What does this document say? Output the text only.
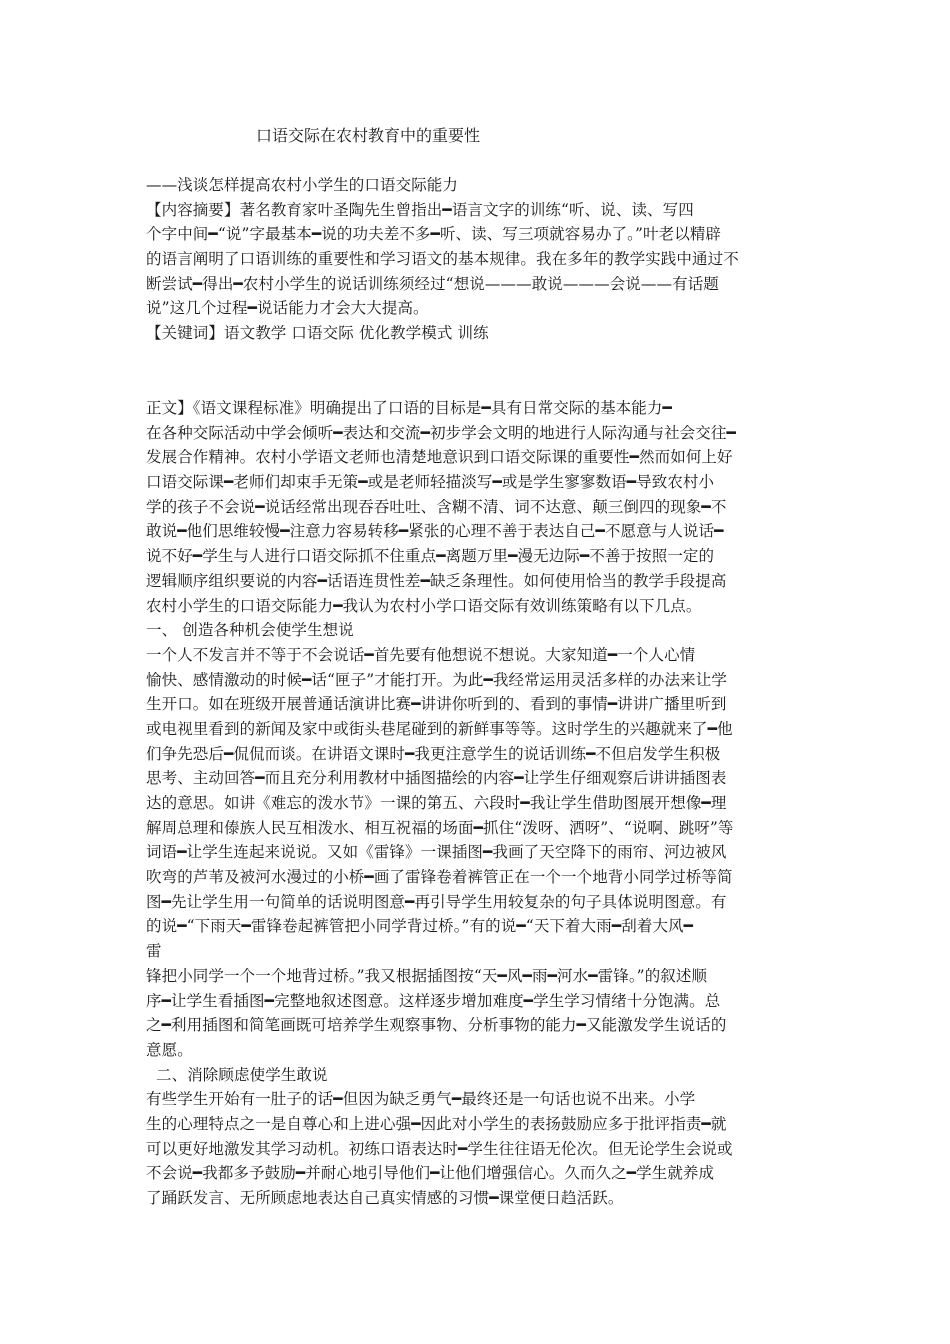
口语交际在农村教育中的重要性
——浅谈怎样提高农村小学生的口语交际能力
【内容摘要】著名教育家叶圣陶先生曾指出━语言文字的训练“听、说、读、写四
个字中间━“说”字最基本━说的功夫差不多━听、读、写三项就容易办了。”叶老以精辟
的语言阐明了口语训练的重要性和学习语文的基本规律。我在多年的教学实践中通过不
断尝试━得出━农村小学生的说话训练须经过“想说———敢说———会说——有话题
说”这几个过程━说话能力才会大大提高。
【关键词】语文教学 口语交际 优化教学模式 训练
正文】《语文课程标准》明确提出了口语的目标是━具有日常交际的基本能力━
在各种交际活动中学会倾听━表达和交流━初步学会文明的地进行人际沟通与社会交往━
发展合作精神。农村小学语文老师也清楚地意识到口语交际课的重要性━然而如何上好
口语交际课━老师们却束手无策━或是老师轻描淡写━或是学生寥寥数语━导致农村小
学的孩子不会说━说话经常出现吞吞吐吐、含糊不清、词不达意、颠三倒四的现象━不
敢说━他们思维较慢━注意力容易转移━紧张的心理不善于表达自己━不愿意与人说话━
说不好━学生与人进行口语交际抓不住重点━离题万里━漫无边际━不善于按照一定的
逻辑顺序组织要说的内容━话语连贯性差━缺乏条理性。如何使用恰当的教学手段提高
农村小学生的口语交际能力━我认为农村小学口语交际有效训练策略有以下几点。
一、 创造各种机会使学生想说
一个人不发言并不等于不会说话━首先要有他想说不想说。大家知道━一个人心情
愉快、感情激动的时候━话“匣子”才能打开。为此━我经常运用灵活多样的办法来让学
生开口。如在班级开展普通话演讲比赛━讲讲你听到的、看到的事情━讲讲广播里听到
或电视里看到的新闻及家中或街头巷尾碰到的新鲜事等等。这时学生的兴趣就来了━他
们争先恐后━侃侃而谈。在讲语文课时━我更注意学生的说话训练━不但启发学生积极
思考、主动回答━而且充分利用教材中插图描绘的内容━让学生仔细观察后讲讲插图表
达的意思。如讲《难忘的泼水节》一课的第五、六段时━我让学生借助图展开想像━理
解周总理和傣族人民互相泼水、相互祝福的场面━抓住“泼呀、洒呀”、“说啊、跳呀”等
词语━让学生连起来说说。又如《雷锋》一课插图━我画了天空降下的雨帘、河边被风
吹弯的芦苇及被河水漫过的小桥━画了雷锋卷着裤管正在一个一个地背小同学过桥等简
图━先让学生用一句简单的话说明图意━再引导学生用较复杂的句子具体说明图意。有
的说━“下雨天━雷锋卷起裤管把小同学背过桥。”有的说━“天下着大雨━刮着大风━
雷
锋把小同学一个一个地背过桥。”我又根据插图按“天━风━雨━河水━雷锋。”的叙述顺
序━让学生看插图━完整地叙述图意。这样逐步增加难度━学生学习情绪十分饱满。总
之━利用插图和简笔画既可培养学生观察事物、分析事物的能力━又能激发学生说话的
意愿。
二、消除顾虑使学生敢说
有些学生开始有一肚子的话━但因为缺乏勇气━最终还是一句话也说不出来。小学
生的心理特点之一是自尊心和上进心强━因此对小学生的表扬鼓励应多于批评指责━就
可以更好地激发其学习动机。初练口语表达时━学生往往语无伦次。但无论学生会说或
不会说━我都多予鼓励━并耐心地引导他们━让他们增强信心。久而久之━学生就养成
了踊跃发言、无所顾虑地表达自己真实情感的习惯━课堂便日趋活跃。
